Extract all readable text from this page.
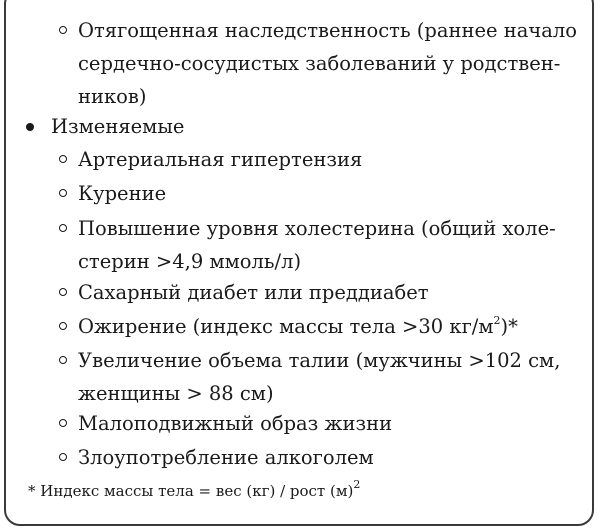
Отягощенная наследственность (раннее начало
сердечно-сосудистых заболеваний у родствен-
ников)
Изменяемые
Артериальная гипертензия
Курение
Повышение уровня холестерина (общий холе-
стерин >4,9 ммоль/л)
Сахарный диабет или преддиабет
Ожирение (индекс массы тела >30 $кг/м^2)*$
Увеличение объема талии (мужчины >102 см,
женщины > 88 см)
Малоподвижный образ жизни
Злоупотребление алкоголем
* Индекс массы тела = вес (кг) / рост $(м)^2$
